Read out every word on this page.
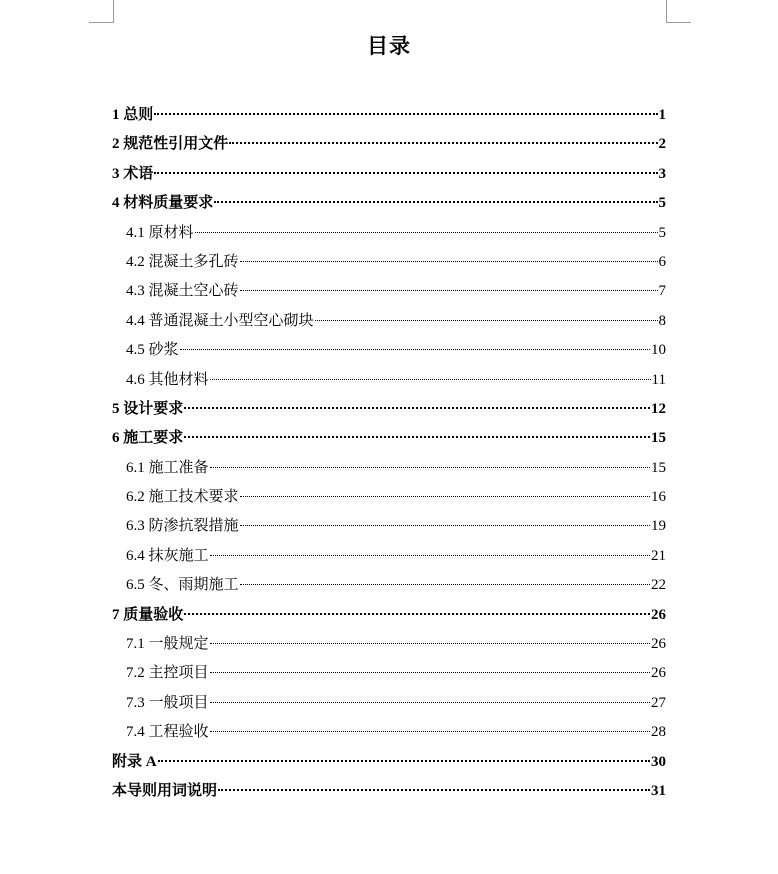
目录
1 总则	1
2 规范性引用文件	2
3 术语	3
4 材料质量要求	5
4.1 原材料	5
4.2 混凝土多孔砖	6
4.3 混凝土空心砖	7
4.4 普通混凝土小型空心砌块	8
4.5 砂浆	10
4.6 其他材料	11
5 设计要求	12
6 施工要求	15
6.1 施工准备	15
6.2 施工技术要求	16
6.3 防渗抗裂措施	19
6.4 抹灰施工	21
6.5 冬、雨期施工	22
7 质量验收	26
7.1 一般规定	26
7.2 主控项目	26
7.3 一般项目	27
7.4 工程验收	28
附录 A	30
本导则用词说明	31
